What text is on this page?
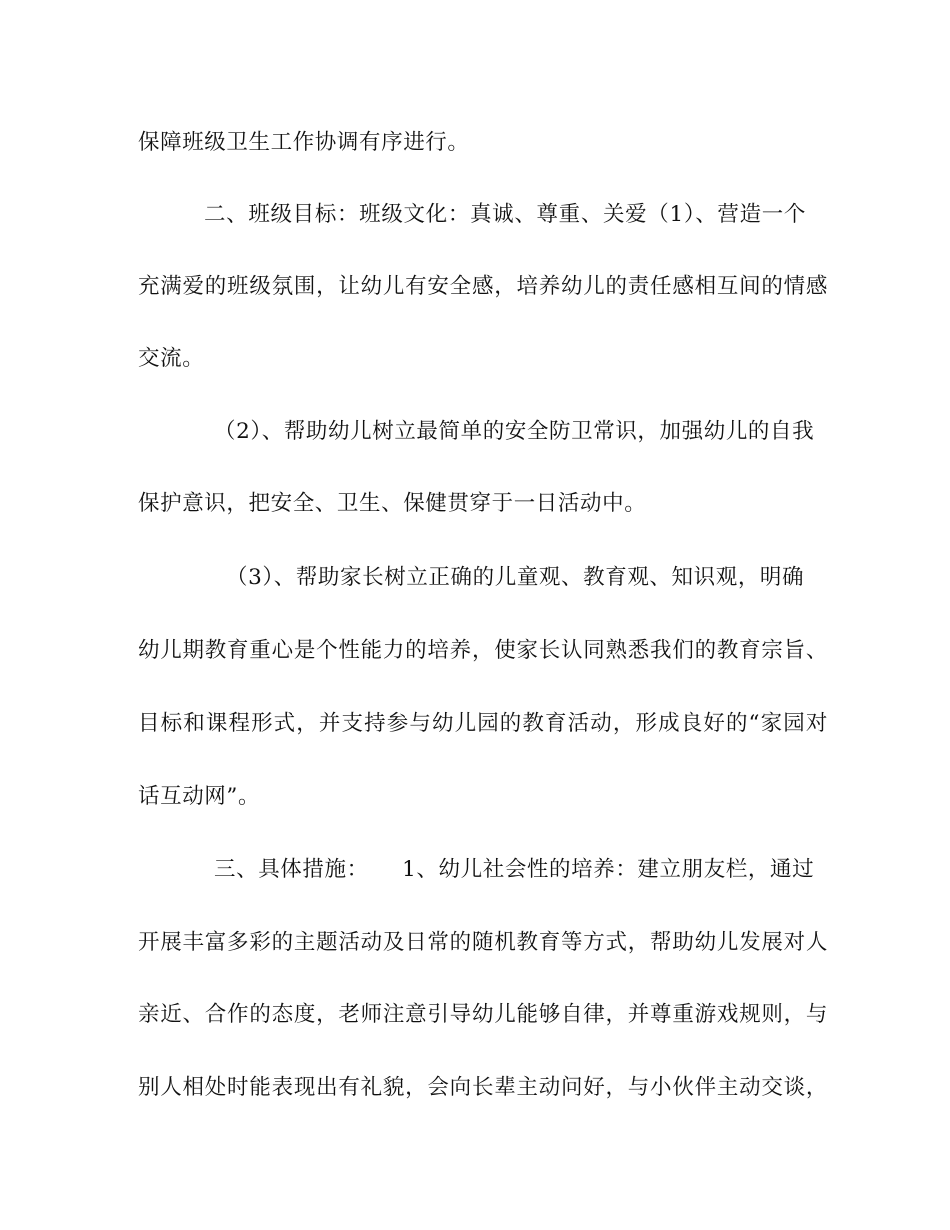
保障班级卫生工作协调有序进行。
二、班级目标：班级文化：真诚、尊重、关爱（1）、营造一个
充满爱的班级氛围，让幼儿有安全感，培养幼儿的责任感相互间的情感
交流。
（2）、帮助幼儿树立最简单的安全防卫常识，加强幼儿的自我
保护意识，把安全、卫生、保健贯穿于一日活动中。
（3）、帮助家长树立正确的儿童观、教育观、知识观，明确
幼儿期教育重心是个性能力的培养，使家长认同熟悉我们的教育宗旨、
目标和课程形式，并支持参与幼儿园的教育活动，形成良好的“家园对
话互动网”。
三、具体措施：　　1、幼儿社会性的培养：建立朋友栏，通过
开展丰富多彩的主题活动及日常的随机教育等方式，帮助幼儿发展对人
亲近、合作的态度，老师注意引导幼儿能够自律，并尊重游戏规则，与
别人相处时能表现出有礼貌，会向长辈主动问好，与小伙伴主动交谈，
